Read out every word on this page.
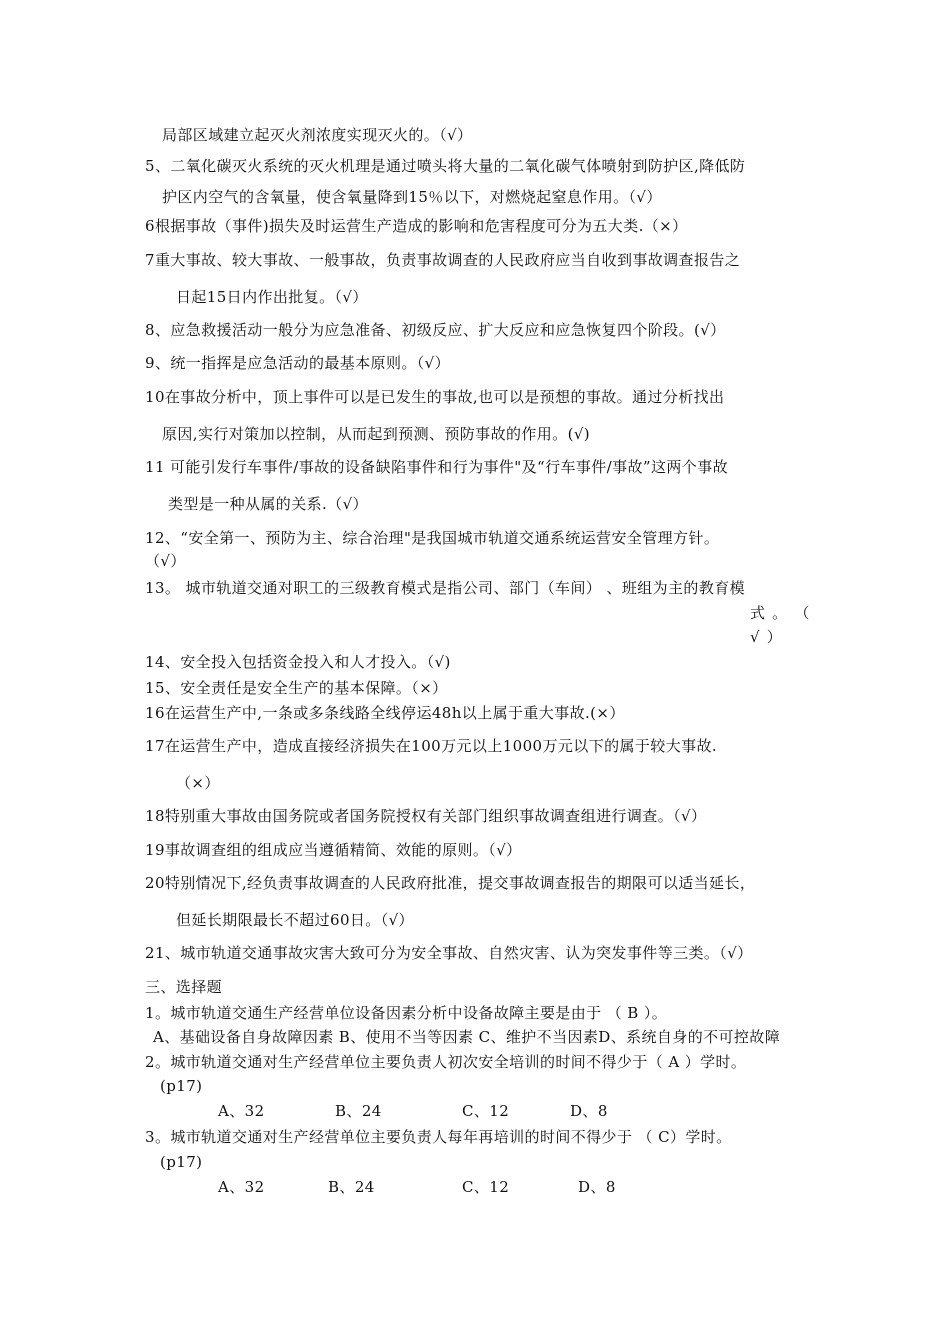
局部区域建立起灭火剂浓度实现灭火的。（√）
5、二氧化碳灭火系统的灭火机理是通过喷头将大量的二氧化碳气体喷射到防护区,降低防
护区内空气的含氧量，使含氧量降到15％以下，对燃烧起窒息作用。（√）
6根据事故（事件)损失及时运营生产造成的影响和危害程度可分为五大类.（×）
7重大事故、较大事故、一般事故，负责事故调查的人民政府应当自收到事故调查报告之
日起15日内作出批复。（√）
8、应急救援活动一般分为应急准备、初级反应、扩大反应和应急恢复四个阶段。(√）
9、统一指挥是应急活动的最基本原则。（√）
10在事故分析中，顶上事件可以是已发生的事故,也可以是预想的事故。通过分析找出
原因,实行对策加以控制，从而起到预测、预防事故的作用。(√)
11 可能引发行车事件/事故的设备缺陷事件和行为事件"及“行车事件/事故”这两个事故
类型是一种从属的关系.（√）
12、“安全第一、预防为主、综合治理"是我国城市轨道交通系统运营安全管理方针。
（√）
13。 城市轨道交通对职工的三级教育模式是指公司、部门（车间） 、班组为主的教育模
式 。 （
√ ）
14、安全投入包括资金投入和人才投入。（√)
15、安全责任是安全生产的基本保障。（×）
16在运营生产中,一条或多条线路全线停运48h以上属于重大事故.(×）
17在运营生产中，造成直接经济损失在100万元以上1000万元以下的属于较大事故.
（×）
18特别重大事故由国务院或者国务院授权有关部门组织事故调查组进行调查。（√）
19事故调查组的组成应当遵循精简、效能的原则。（√）
20特别情况下,经负责事故调查的人民政府批准，提交事故调查报告的期限可以适当延长，
但延长期限最长不超过60日。（√）
21、城市轨道交通事故灾害大致可分为安全事故、自然灾害、认为突发事件等三类。（√）
三、选择题
1。城市轨道交通生产经营单位设备因素分析中设备故障主要是由于 （ B ）。
A、基础设备自身故障因素 B、使用不当等因素 C、维护不当因素D、系统自身的不可控故障
2。城市轨道交通对生产经营单位主要负责人初次安全培训的时间不得少于（ A ）学时。
(p17)
A、32	B、24	C、12	D、8
3。城市轨道交通对生产经营单位主要负责人每年再培训的时间不得少于 （ C）学时。
(p17)
A、32	B、24	C、12	D、8
